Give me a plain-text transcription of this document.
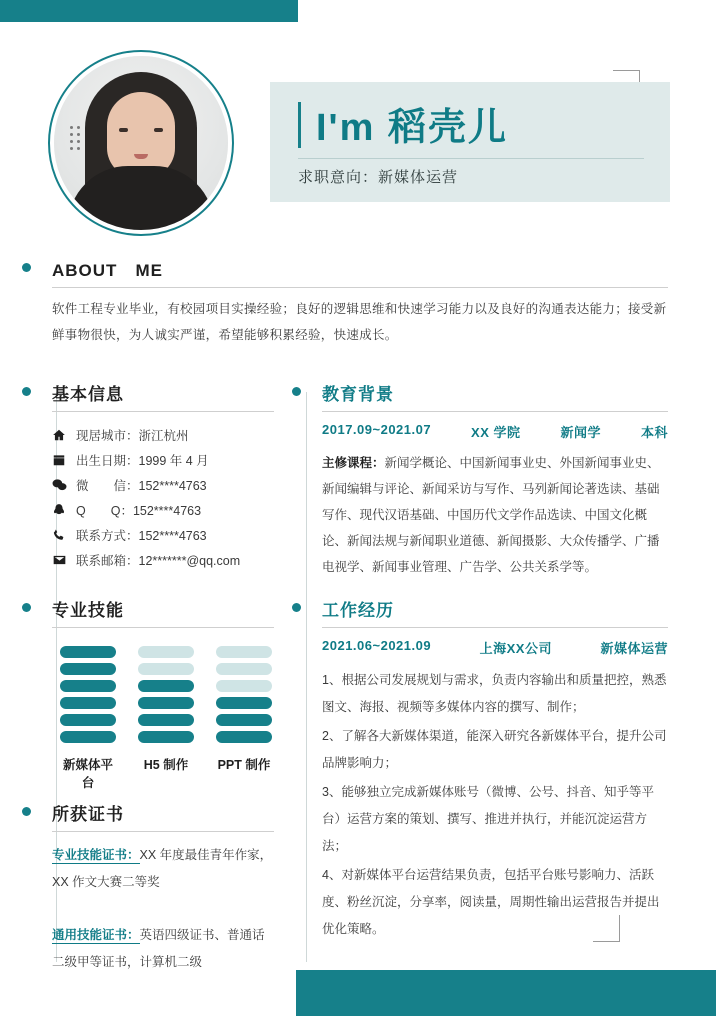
I'm 稻壳儿
求职意向：新媒体运营
ABOUT　ME
软件工程专业毕业，有校园项目实操经验；良好的逻辑思维和快速学习能力以及良好的沟通表达能力；接受新鲜事物很快，为人诚实严谨，希望能够积累经验，快速成长。
基本信息
现居城市：浙江杭州
出生日期：1999 年 4 月
微　　信：152****4763
Q　　Q：152****4763
联系方式：152****4763
联系邮箱：12*******@qq.com
专业技能
新媒体平台
H5 制作	PPT 制作
所获证书
专业技能证书：XX 年度最佳青年作家，XX 作文大赛二等奖
通用技能证书：英语四级证书、普通话二级甲等证书，计算机二级
教育背景
2017.09~2021.07	XX 学院	新闻学	本科
主修课程：新闻学概论、中国新闻事业史、外国新闻事业史、新闻编辑与评论、新闻采访与写作、马列新闻论著选读、基础写作、现代汉语基础、中国历代文学作品选读、中国文化概论、新闻法规与新闻职业道德、新闻摄影、大众传播学、广播电视学、新闻事业管理、广告学、公共关系学等。
工作经历
2021.06~2021.09	上海XX公司	新媒体运营
1、根据公司发展规划与需求，负责内容输出和质量把控，熟悉图文、海报、视频等多媒体内容的撰写、制作；
2、了解各大新媒体渠道，能深入研究各新媒体平台，提升公司品牌影响力；
3、能够独立完成新媒体账号（微博、公号、抖音、知乎等平台）运营方案的策划、撰写、推进并执行，并能沉淀运营方法；
4、对新媒体平台运营结果负责，包括平台账号影响力、活跃度、粉丝沉淀，分享率，阅读量，周期性输出运营报告并提出优化策略。
